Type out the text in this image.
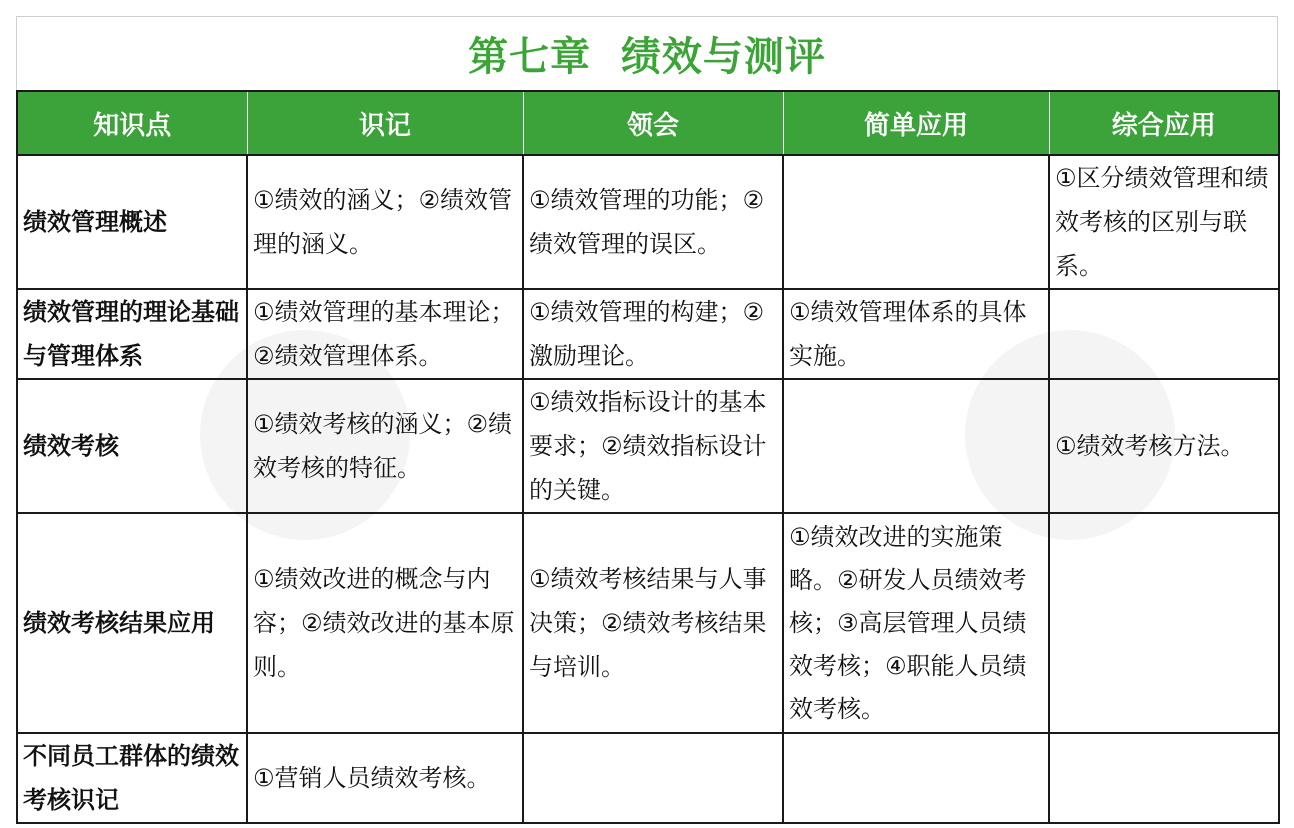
第七章  绩效与测评
知识点	识记	领会	简单应用	综合应用
绩效管理概述	①绩效的涵义；②绩效管理的涵义。	①绩效管理的功能；②绩效管理的误区。		①区分绩效管理和绩效考核的区别与联系。
绩效管理的理论基础与管理体系	①绩效管理的基本理论；②绩效管理体系。	①绩效管理的构建；②激励理论。	①绩效管理体系的具体实施。	
绩效考核	①绩效考核的涵义；②绩效考核的特征。	①绩效指标设计的基本要求；②绩效指标设计的关键。		①绩效考核方法。
绩效考核结果应用	①绩效改进的概念与内容；②绩效改进的基本原则。	①绩效考核结果与人事决策；②绩效考核结果与培训。	①绩效改进的实施策略。②研发人员绩效考核；③高层管理人员绩效考核；④职能人员绩效考核。	
不同员工群体的绩效考核识记	①营销人员绩效考核。			
